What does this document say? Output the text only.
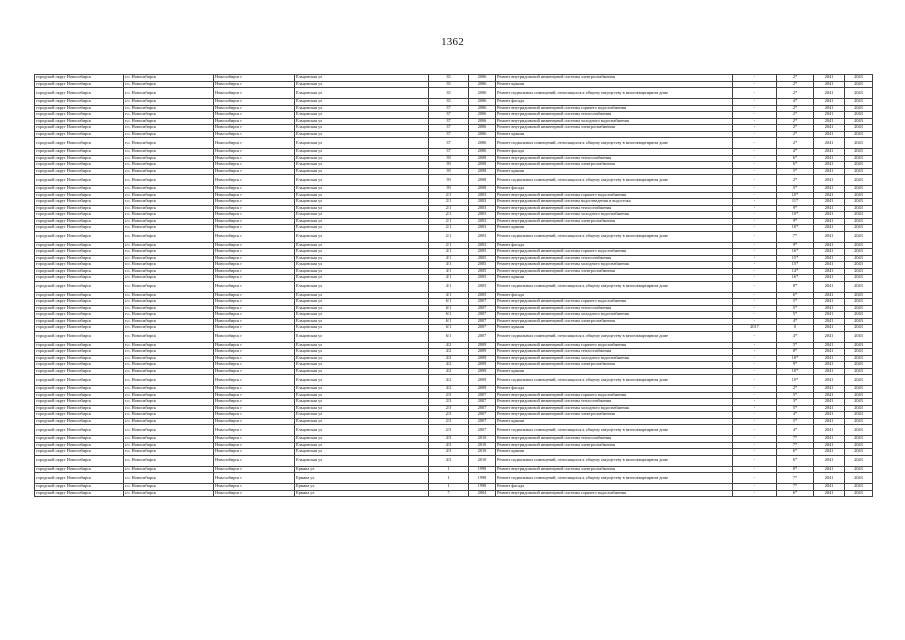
1362
городской округ Новосибирск	г.о. Новосибирск	Новосибирск г	Ельцовская ул	35	2006	Ремонт внутридомовой инженерной системы электроснабжения	-	2*	2041	2043
городской округ Новосибирск	г.о. Новосибирск	Новосибирск г	Ельцовская ул	35	2006	Ремонт крыши	-	2*	2041	2043
городской округ Новосибирск	г.о. Новосибирск	Новосибирск г	Ельцовская ул	35	2006	Ремонт подвальных помещений, относящихся к общему имуществу в многоквартирном доме	-	2*	2041	2043
городской округ Новосибирск	г.о. Новосибирск	Новосибирск г	Ельцовская ул	35	2006	Ремонт фасада	-	4*	2041	2043
городской округ Новосибирск	г.о. Новосибирск	Новосибирск г	Ельцовская ул	37	2006	Ремонт внутридомовой инженерной системы горячего водоснабжения	-	2*	2041	2043
городской округ Новосибирск	г.о. Новосибирск	Новосибирск г	Ельцовская ул	37	2006	Ремонт внутридомовой инженерной системы теплоснабжения	-	2*	2041	2043
городской округ Новосибирск	г.о. Новосибирск	Новосибирск г	Ельцовская ул	37	2006	Ремонт внутридомовой инженерной системы холодного водоснабжения	-	2*	2041	2043
городской округ Новосибирск	г.о. Новосибирск	Новосибирск г	Ельцовская ул	37	2006	Ремонт внутридомовой инженерной системы электроснабжения	-	2*	2041	2043
городской округ Новосибирск	г.о. Новосибирск	Новосибирск г	Ельцовская ул	37	2006	Ремонт крыши	-	2*	2041	2043
городской округ Новосибирск	г.о. Новосибирск	Новосибирск г	Ельцовская ул	37	2006	Ремонт подвальных помещений, относящихся к общему имуществу в многоквартирном доме	-	2*	2041	2043
городской округ Новосибирск	г.о. Новосибирск	Новосибирск г	Ельцовская ул	37	2006	Ремонт фасада	-	4*	2041	2043
городской округ Новосибирск	г.о. Новосибирск	Новосибирск г	Ельцовская ул	39	2008	Ремонт внутридомовой инженерной системы теплоснабжения	-	6*	2041	2043
городской округ Новосибирск	г.о. Новосибирск	Новосибирск г	Ельцовская ул	39	2008	Ремонт внутридомовой инженерной системы электроснабжения	-	6*	2041	2043
городской округ Новосибирск	г.о. Новосибирск	Новосибирск г	Ельцовская ул	39	2008	Ремонт крыши	-	5*	2041	2043
городской округ Новосибирск	г.о. Новосибирск	Новосибирск г	Ельцовская ул	39	2008	Ремонт подвальных помещений, относящихся к общему имуществу в многоквартирном доме	-	2*	2041	2043
городской округ Новосибирск	г.о. Новосибирск	Новосибирск г	Ельцовская ул	39	2008	Ремонт фасада	-	5*	2041	2043
городской округ Новосибирск	г.о. Новосибирск	Новосибирск г	Ельцовская ул	2/1	2003	Ремонт внутридомовой инженерной системы горячего водоснабжения	-	10*	2041	2043
городской округ Новосибирск	г.о. Новосибирск	Новосибирск г	Ельцовская ул	2/1	2003	Ремонт внутридомовой инженерной системы водоотведения и водостока	-	11*	2041	2043
городской округ Новосибирск	г.о. Новосибирск	Новосибирск г	Ельцовская ул	2/1	2003	Ремонт внутридомовой инженерной системы теплоснабжения	-	9*	2041	2043
городской округ Новосибирск	г.о. Новосибирск	Новосибирск г	Ельцовская ул	2/1	2003	Ремонт внутридомовой инженерной системы холодного водоснабжения	-	10*	2041	2043
городской округ Новосибирск	г.о. Новосибирск	Новосибирск г	Ельцовская ул	2/1	2003	Ремонт внутридомовой инженерной системы электроснабжения	-	9*	2041	2043
городской округ Новосибирск	г.о. Новосибирск	Новосибирск г	Ельцовская ул	2/1	2003	Ремонт крыши	-	10*	2041	2043
городской округ Новосибирск	г.о. Новосибирск	Новосибирск г	Ельцовская ул	2/1	2003	Ремонт подвальных помещений, относящихся к общему имуществу в многоквартирном доме	-	7*	2041	2043
городской округ Новосибирск	г.о. Новосибирск	Новосибирск г	Ельцовская ул	2/1	2003	Ремонт фасада	-	9*	2041	2043
городской округ Новосибирск	г.о. Новосибирск	Новосибирск г	Ельцовская ул	4/1	2005	Ремонт внутридомовой инженерной системы горячего водоснабжения	-	16*	2041	2043
городской округ Новосибирск	г.о. Новосибирск	Новосибирск г	Ельцовская ул	4/1	2005	Ремонт внутридомовой инженерной системы теплоснабжения	-	15*	2041	2043
городской округ Новосибирск	г.о. Новосибирск	Новосибирск г	Ельцовская ул	4/1	2005	Ремонт внутридомовой инженерной системы холодного водоснабжения	-	15*	2041	2043
городской округ Новосибирск	г.о. Новосибирск	Новосибирск г	Ельцовская ул	4/1	2005	Ремонт внутридомовой инженерной системы электроснабжения	-	14*	2041	2043
городской округ Новосибирск	г.о. Новосибирск	Новосибирск г	Ельцовская ул	4/1	2005	Ремонт крыши	-	16*	2041	2043
городской округ Новосибирск	г.о. Новосибирск	Новосибирск г	Ельцовская ул	4/1	2005	Ремонт подвальных помещений, относящихся к общему имуществу в многоквартирном доме	-	8*	2041	2043
городской округ Новосибирск	г.о. Новосибирск	Новосибирск г	Ельцовская ул	4/1	2005	Ремонт фасада	-	6*	2041	2043
городской округ Новосибирск	г.о. Новосибирск	Новосибирск г	Ельцовская ул	6/1	2007	Ремонт внутридомовой инженерной системы горячего водоснабжения	-	5*	2041	2043
городской округ Новосибирск	г.о. Новосибирск	Новосибирск г	Ельцовская ул	6/1	2007	Ремонт внутридомовой инженерной системы теплоснабжения	-	5*	2041	2043
городской округ Новосибирск	г.о. Новосибирск	Новосибирск г	Ельцовская ул	6/1	2007	Ремонт внутридомовой инженерной системы холодного водоснабжения	-	5*	2041	2043
городской округ Новосибирск	г.о. Новосибирск	Новосибирск г	Ельцовская ул	6/1	2007	Ремонт внутридомовой инженерной системы электроснабжения	-	4*	2041	2043
городской округ Новосибирск	г.о. Новосибирск	Новосибирск г	Ельцовская ул	6/1	2007	Ремонт крыши	2017	0	2041	2043
городской округ Новосибирск	г.о. Новосибирск	Новосибирск г	Ельцовская ул	6/1	2007	Ремонт подвальных помещений, относящихся к общему имуществу в многоквартирном доме	-	4*	2041	2043
городской округ Новосибирск	г.о. Новосибирск	Новосибирск г	Ельцовская ул	4/2	2009	Ремонт внутридомовой инженерной системы горячего водоснабжения	-	5*	2041	2043
городской округ Новосибирск	г.о. Новосибирск	Новосибирск г	Ельцовская ул	4/2	2009	Ремонт внутридомовой инженерной системы теплоснабжения	-	8*	2041	2043
городской округ Новосибирск	г.о. Новосибирск	Новосибирск г	Ельцовская ул	4/2	2009	Ремонт внутридомовой инженерной системы холодного водоснабжения	-	10*	2041	2043
городской округ Новосибирск	г.о. Новосибирск	Новосибирск г	Ельцовская ул	4/2	2009	Ремонт внутридомовой инженерной системы электроснабжения	-	9*	2041	2043
городской округ Новосибирск	г.о. Новосибирск	Новосибирск г	Ельцовская ул	4/2	2009	Ремонт крыши	-	10*	2041	2043
городской округ Новосибирск	г.о. Новосибирск	Новосибирск г	Ельцовская ул	4/2	2009	Ремонт подвальных помещений, относящихся к общему имуществу в многоквартирном доме	-	10*	2041	2043
городской округ Новосибирск	г.о. Новосибирск	Новосибирск г	Ельцовская ул	4/2	2009	Ремонт фасада	-	2*	2041	2043
городской округ Новосибирск	г.о. Новосибирск	Новосибирск г	Ельцовская ул	2/3	2007	Ремонт внутридомовой инженерной системы горячего водоснабжения	-	5*	2041	2043
городской округ Новосибирск	г.о. Новосибирск	Новосибирск г	Ельцовская ул	2/3	2007	Ремонт внутридомовой инженерной системы теплоснабжения	-	3*	2041	2043
городской округ Новосибирск	г.о. Новосибирск	Новосибирск г	Ельцовская ул	2/3	2007	Ремонт внутридомовой инженерной системы холодного водоснабжения	-	5*	2041	2043
городской округ Новосибирск	г.о. Новосибирск	Новосибирск г	Ельцовская ул	2/3	2007	Ремонт внутридомовой инженерной системы электроснабжения	-	4*	2041	2043
городской округ Новосибирск	г.о. Новосибирск	Новосибирск г	Ельцовская ул	2/3	2007	Ремонт крыши	-	5*	2041	2043
городской округ Новосибирск	г.о. Новосибирск	Новосибирск г	Ельцовская ул	2/3	2007	Ремонт подвальных помещений, относящихся к общему имуществу в многоквартирном доме	-	4*	2041	2043
городской округ Новосибирск	г.о. Новосибирск	Новосибирск г	Ельцовская ул	4/3	2010	Ремонт внутридомовой инженерной системы теплоснабжения	-	7*	2041	2043
городской округ Новосибирск	г.о. Новосибирск	Новосибирск г	Ельцовская ул	4/3	2010	Ремонт внутридомовой инженерной системы электроснабжения	-	7*	2041	2043
городской округ Новосибирск	г.о. Новосибирск	Новосибирск г	Ельцовская ул	4/3	2010	Ремонт крыши	-	6*	2041	2043
городской округ Новосибирск	г.о. Новосибирск	Новосибирск г	Ельцовская ул	4/3	2010	Ремонт подвальных помещений, относящихся к общему имуществу в многоквартирном доме	-	6*	2041	2043
городской округ Новосибирск	г.о. Новосибирск	Новосибирск г	Ермака ул	1	1998	Ремонт внутридомовой инженерной системы электроснабжения	-	8*	2041	2043
городской округ Новосибирск	г.о. Новосибирск	Новосибирск г	Ермака ул	1	1998	Ремонт подвальных помещений, относящихся к общему имуществу в многоквартирном доме	-	7*	2041	2043
городской округ Новосибирск	г.о. Новосибирск	Новосибирск г	Ермака ул	1	1998	Ремонт фасада	-	7*	2041	2043
городской округ Новосибирск	г.о. Новосибирск	Новосибирск г	Ермака ул	7	2004	Ремонт внутридомовой инженерной системы горячего водоснабжения	-	6*	2041	2043
